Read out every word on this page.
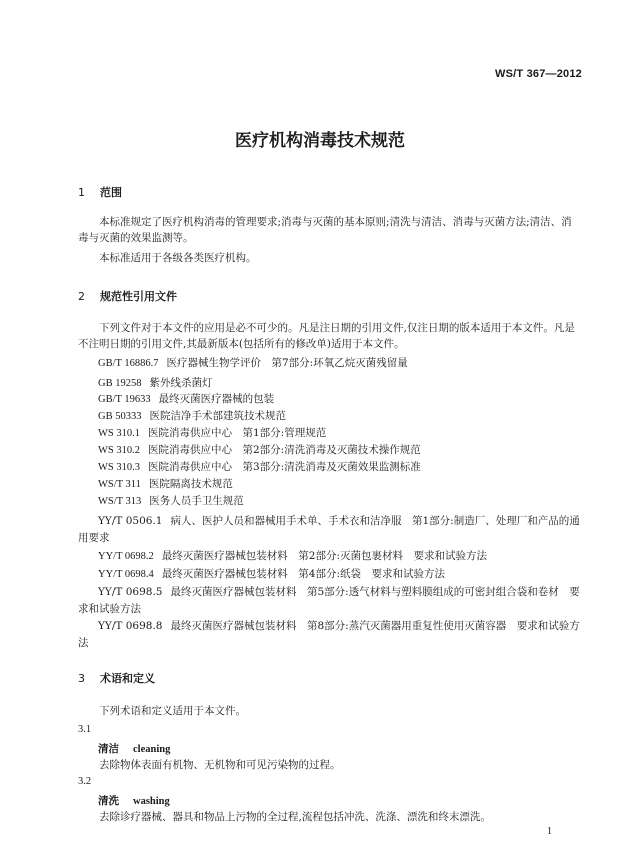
WS/T 367—2012
医疗机构消毒技术规范
1 范围
本标准规定了医疗机构消毒的管理要求;消毒与灭菌的基本原则;清洗与清洁、消毒与灭菌方法;清洁、消毒与灭菌的效果监测等。
本标准适用于各级各类医疗机构。
2 规范性引用文件
下列文件对于本文件的应用是必不可少的。凡是注日期的引用文件,仅注日期的版本适用于本文件。凡是不注明日期的引用文件,其最新版本(包括所有的修改单)适用于本文件。
GB/T 16886.7 医疗器械生物学评价　第7部分:环氧乙烷灭菌残留量
GB 19258 紫外线杀菌灯
GB/T 19633 最终灭菌医疗器械的包装
GB 50333 医院洁净手术部建筑技术规范
WS 310.1 医院消毒供应中心　第1部分:管理规范
WS 310.2 医院消毒供应中心　第2部分:清洗消毒及灭菌技术操作规范
WS 310.3 医院消毒供应中心　第3部分:清洗消毒及灭菌效果监测标准
WS/T 311 医院隔离技术规范
WS/T 313 医务人员手卫生规范
YY/T 0506.1 病人、医护人员和器械用手术单、手术衣和洁净服　第1部分:制造厂、处理厂和产品的通用要求
YY/T 0698.2 最终灭菌医疗器械包装材料　第2部分:灭菌包裹材料　要求和试验方法
YY/T 0698.4 最终灭菌医疗器械包装材料　第4部分:纸袋　要求和试验方法
YY/T 0698.5 最终灭菌医疗器械包装材料　第5部分:透气材料与塑料膜组成的可密封组合袋和卷材　要求和试验方法
YY/T 0698.8 最终灭菌医疗器械包装材料　第8部分:蒸汽灭菌器用重复性使用灭菌容器　要求和试验方法
3 术语和定义
下列术语和定义适用于本文件。
3.1
清洁 cleaning
去除物体表面有机物、无机物和可见污染物的过程。
3.2
清洗 washing
去除诊疗器械、器具和物品上污物的全过程,流程包括冲洗、洗涤、漂洗和终末漂洗。
1
